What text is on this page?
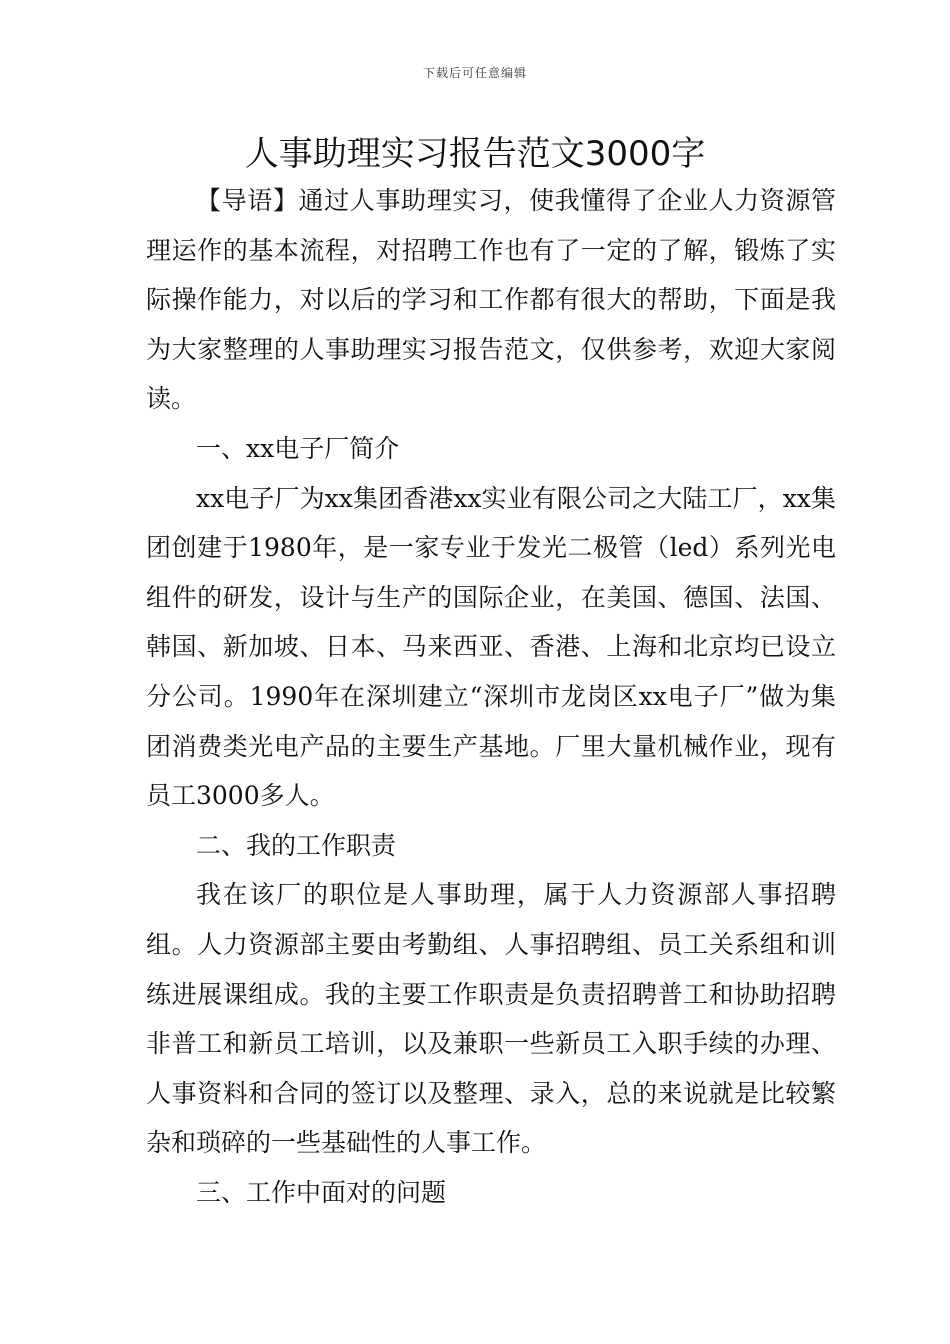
下载后可任意编辑
人事助理实习报告范文3000字

【导语】通过人事助理实习，使我懂得了企业人力资源管理运作的基本流程，对招聘工作也有了一定的了解，锻炼了实际操作能力，对以后的学习和工作都有很大的帮助，下面是我为大家整理的人事助理实习报告范文，仅供参考，欢迎大家阅读。

一、xx电子厂简介

xx电子厂为xx集团香港xx实业有限公司之大陆工厂，xx集团创建于1980年，是一家专业于发光二极管（led）系列光电组件的研发，设计与生产的国际企业，在美国、德国、法国、韩国、新加坡、日本、马来西亚、香港、上海和北京均已设立分公司。1990年在深圳建立“深圳市龙岗区xx电子厂”做为集团消费类光电产品的主要生产基地。厂里大量机械作业，现有员工3000多人。

二、我的工作职责

我在该厂的职位是人事助理，属于人力资源部人事招聘组。人力资源部主要由考勤组、人事招聘组、员工关系组和训练进展课组成。我的主要工作职责是负责招聘普工和协助招聘非普工和新员工培训，以及兼职一些新员工入职手续的办理、人事资料和合同的签订以及整理、录入，总的来说就是比较繁杂和琐碎的一些基础性的人事工作。

三、工作中面对的问题
